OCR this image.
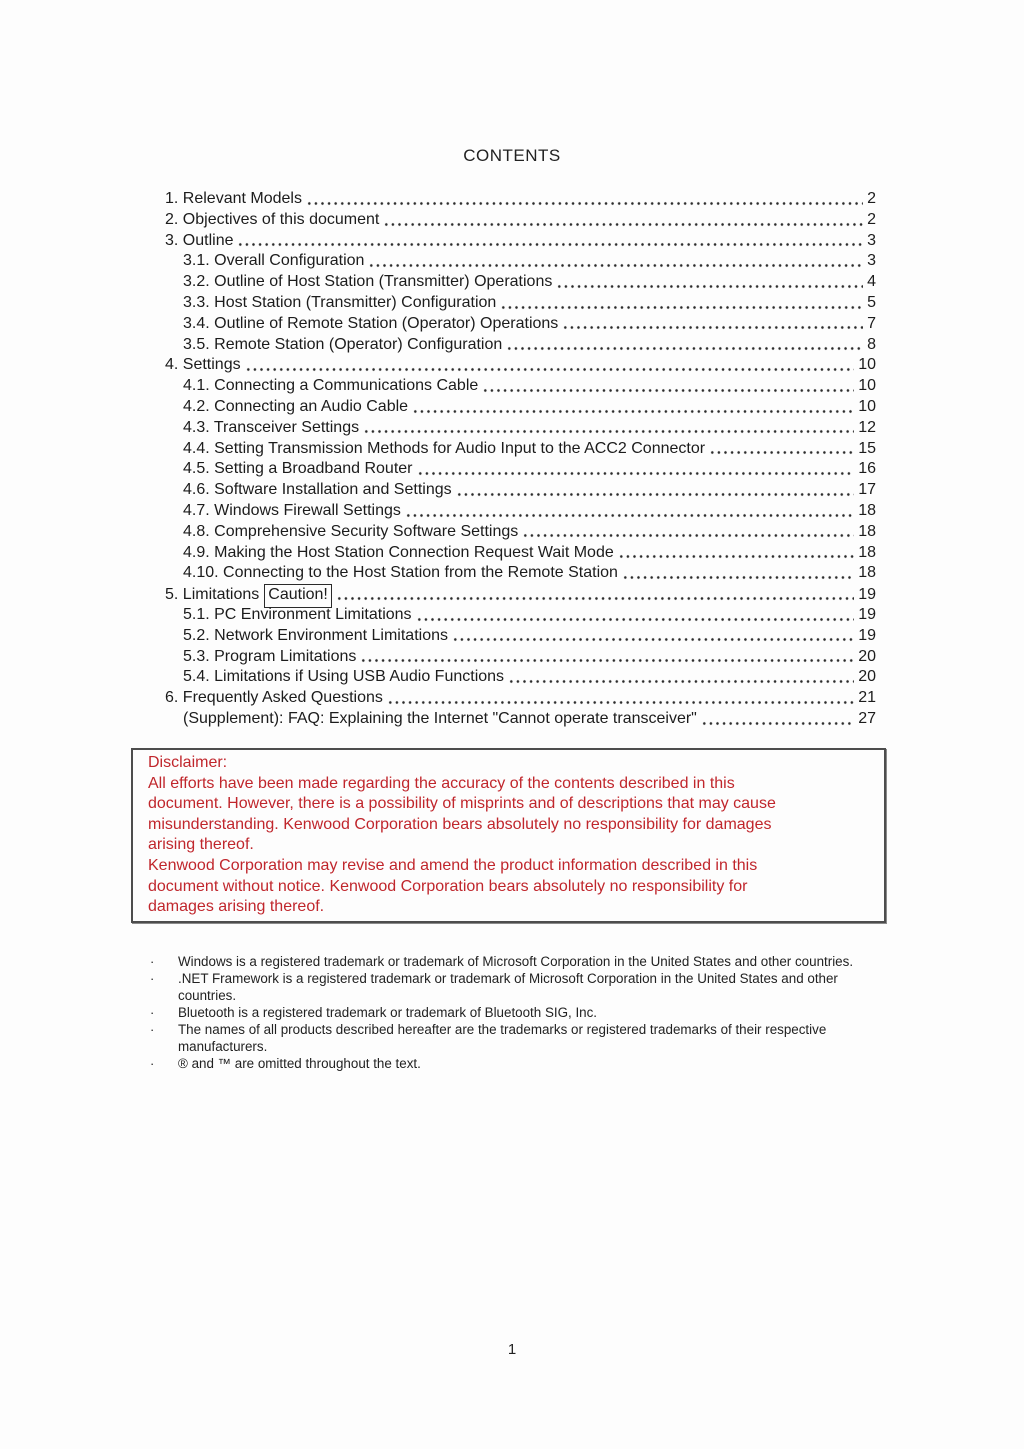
CONTENTS
1. Relevant Models	2
2. Objectives of this document	2
3. Outline	3
3.1. Overall Configuration	3
3.2. Outline of Host Station (Transmitter) Operations	4
3.3. Host Station (Transmitter) Configuration	5
3.4. Outline of Remote Station (Operator) Operations	7
3.5. Remote Station (Operator) Configuration	8
4. Settings	10
4.1. Connecting a Communications Cable	10
4.2. Connecting an Audio Cable	10
4.3. Transceiver Settings	12
4.4. Setting Transmission Methods for Audio Input to the ACC2 Connector	15
4.5. Setting a Broadband Router	16
4.6. Software Installation and Settings	17
4.7. Windows Firewall Settings	18
4.8. Comprehensive Security Software Settings	18
4.9. Making the Host Station Connection Request Wait Mode	18
4.10. Connecting to the Host Station from the Remote Station	18
5. Limitations Caution!	19
5.1. PC Environment Limitations	19
5.2. Network Environment Limitations	19
5.3. Program Limitations	20
5.4. Limitations if Using USB Audio Functions	20
6. Frequently Asked Questions	21
(Supplement): FAQ: Explaining the Internet "Cannot operate transceiver"	27
Disclaimer:
All efforts have been made regarding the accuracy of the contents described in this
document. However, there is a possibility of misprints and of descriptions that may cause
misunderstanding. Kenwood Corporation bears absolutely no responsibility for damages
arising thereof.
Kenwood Corporation may revise and amend the product information described in this
document without notice. Kenwood Corporation bears absolutely no responsibility for
damages arising thereof.
·	Windows is a registered trademark or trademark of Microsoft Corporation in the United States and other countries.
·	.NET Framework is a registered trademark or trademark of Microsoft Corporation in the United States and other countries.
·	Bluetooth is a registered trademark or trademark of Bluetooth SIG, Inc.
·	The names of all products described hereafter are the trademarks or registered trademarks of their respective manufacturers.
·	® and ™ are omitted throughout the text.
1
